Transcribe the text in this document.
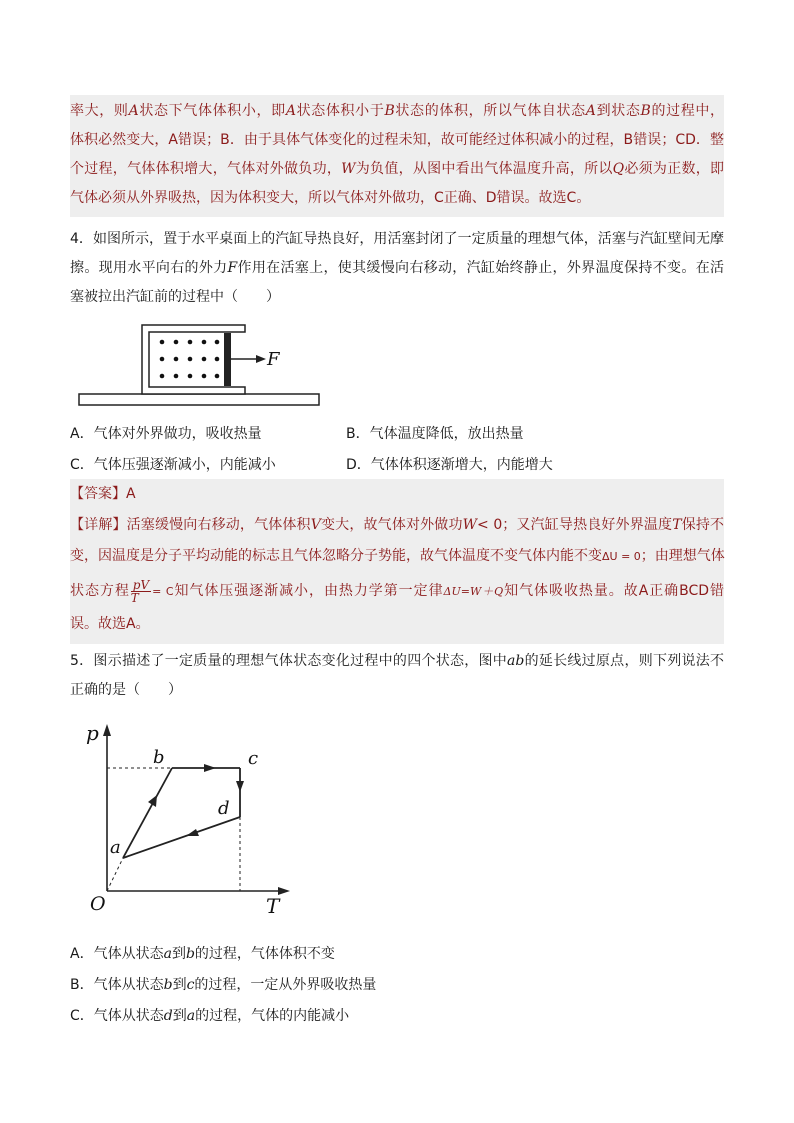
率大，则A状态下气体体积小，即A状态体积小于B状态的体积，所以气体自状态A到状态B的过程中，
体积必然变大，A错误；B．由于具体气体变化的过程未知，故可能经过体积减小的过程，B错误；CD．整
个过程，气体体积增大，气体对外做负功，W为负值，从图中看出气体温度升高，所以Q必须为正数，即
气体必须从外界吸热，因为体积变大，所以气体对外做功，C正确、D错误。故选C。
4．如图所示，置于水平桌面上的汽缸导热良好，用活塞封闭了一定质量的理想气体，活塞与汽缸壁间无摩
擦。现用水平向右的外力F作用在活塞上，使其缓慢向右移动，汽缸始终静止，外界温度保持不变。在活
塞被拉出汽缸前的过程中（　　）
F
A．气体对外界做功，吸收热量	B．气体温度降低，放出热量
C．气体压强逐渐减小，内能减小	D．气体体积逐渐增大，内能增大
【答案】A
【详解】活塞缓慢向右移动，气体体积V变大，故气体对外做功W< 0；又汽缸导热良好外界温度T保持不
变，因温度是分子平均动能的标志且气体忽略分子势能，故气体温度不变气体内能不变ΔU = 0；由理想气体
状态方程 $\frac{pV}{T} = C$知气体压强逐渐减小，由热力学第一定律ΔU=W＋Q知气体吸收热量。故A正确BCD错
误。故选A。
5．图示描述了一定质量的理想气体状态变化过程中的四个状态，图中ab的延长线过原点，则下列说法不
正确的是（　　）
p
T
O
a
b	c
d
A．气体从状态a到b的过程，气体体积不变
B．气体从状态b到c的过程，一定从外界吸收热量
C．气体从状态d到a的过程，气体的内能减小
